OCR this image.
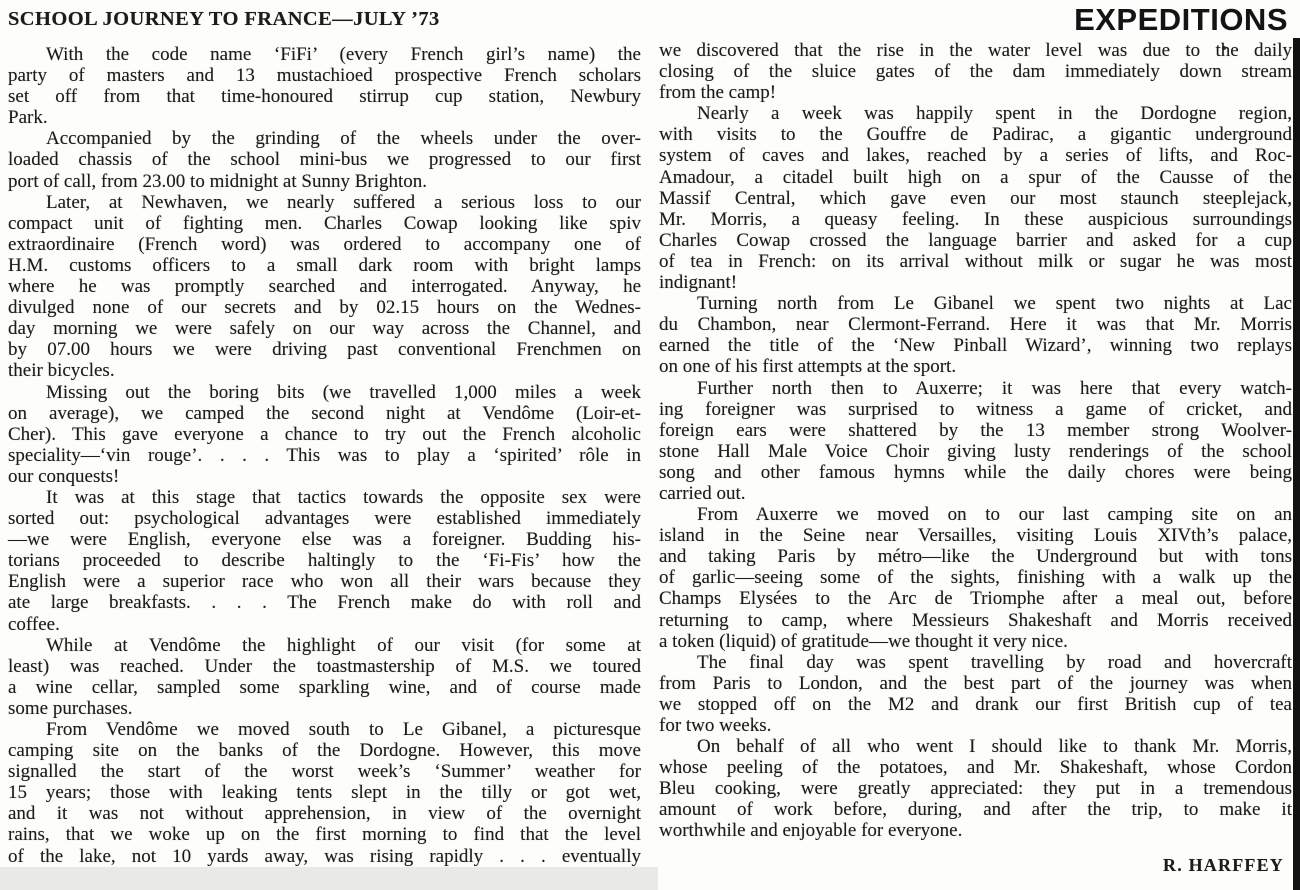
EXPEDITIONS
SCHOOL JOURNEY TO FRANCE—JULY ’73
With the code name ‘FiFi’ (every French girl’s name) the
party of masters and 13 mustachioed prospective French scholars
set off from that time-honoured stirrup cup station, Newbury
Park.
Accompanied by the grinding of the wheels under the over-
loaded chassis of the school mini-bus we progressed to our first
port of call, from 23.00 to midnight at Sunny Brighton.
Later, at Newhaven, we nearly suffered a serious loss to our
compact unit of fighting men. Charles Cowap looking like spiv
extraordinaire (French word) was ordered to accompany one of
H.M. customs officers to a small dark room with bright lamps
where he was promptly searched and interrogated. Anyway, he
divulged none of our secrets and by 02.15 hours on the Wednes-
day morning we were safely on our way across the Channel, and
by 07.00 hours we were driving past conventional Frenchmen on
their bicycles.
Missing out the boring bits (we travelled 1,000 miles a week
on average), we camped the second night at Vendôme (Loir-et-
Cher). This gave everyone a chance to try out the French alcoholic
speciality—‘vin rouge’. . . . This was to play a ‘spirited’ rôle in
our conquests!
It was at this stage that tactics towards the opposite sex were
sorted out: psychological advantages were established immediately
—we were English, everyone else was a foreigner. Budding his-
torians proceeded to describe haltingly to the ‘Fi-Fis’ how the
English were a superior race who won all their wars because they
ate large breakfasts. . . . The French make do with roll and
coffee.
While at Vendôme the highlight of our visit (for some at
least) was reached. Under the toastmastership of M.S. we toured
a wine cellar, sampled some sparkling wine, and of course made
some purchases.
From Vendôme we moved south to Le Gibanel, a picturesque
camping site on the banks of the Dordogne. However, this move
signalled the start of the worst week’s ‘Summer’ weather for
15 years; those with leaking tents slept in the tilly or got wet,
and it was not without apprehension, in view of the overnight
rains, that we woke up on the first morning to find that the level
of the lake, not 10 yards away, was rising rapidly . . . eventually
we discovered that the rise in the water level was due to the daily
closing of the sluice gates of the dam immediately down stream
from the camp!
Nearly a week was happily spent in the Dordogne region,
with visits to the Gouffre de Padirac, a gigantic underground
system of caves and lakes, reached by a series of lifts, and Roc-
Amadour, a citadel built high on a spur of the Causse of the
Massif Central, which gave even our most staunch steeplejack,
Mr. Morris, a queasy feeling. In these auspicious surroundings
Charles Cowap crossed the language barrier and asked for a cup
of tea in French: on its arrival without milk or sugar he was most
indignant!
Turning north from Le Gibanel we spent two nights at Lac
du Chambon, near Clermont-Ferrand. Here it was that Mr. Morris
earned the title of the ‘New Pinball Wizard’, winning two replays
on one of his first attempts at the sport.
Further north then to Auxerre; it was here that every watch-
ing foreigner was surprised to witness a game of cricket, and
foreign ears were shattered by the 13 member strong Woolver-
stone Hall Male Voice Choir giving lusty renderings of the school
song and other famous hymns while the daily chores were being
carried out.
From Auxerre we moved on to our last camping site on an
island in the Seine near Versailles, visiting Louis XIVth’s palace,
and taking Paris by métro—like the Underground but with tons
of garlic—seeing some of the sights, finishing with a walk up the
Champs Elysées to the Arc de Triomphe after a meal out, before
returning to camp, where Messieurs Shakeshaft and Morris received
a token (liquid) of gratitude—we thought it very nice.
The final day was spent travelling by road and hovercraft
from Paris to London, and the best part of the journey was when
we stopped off on the M2 and drank our first British cup of tea
for two weeks.
On behalf of all who went I should like to thank Mr. Morris,
whose peeling of the potatoes, and Mr. Shakeshaft, whose Cordon
Bleu cooking, were greatly appreciated: they put in a tremendous
amount of work before, during, and after the trip, to make it
worthwhile and enjoyable for everyone.
R. HARFFEY
